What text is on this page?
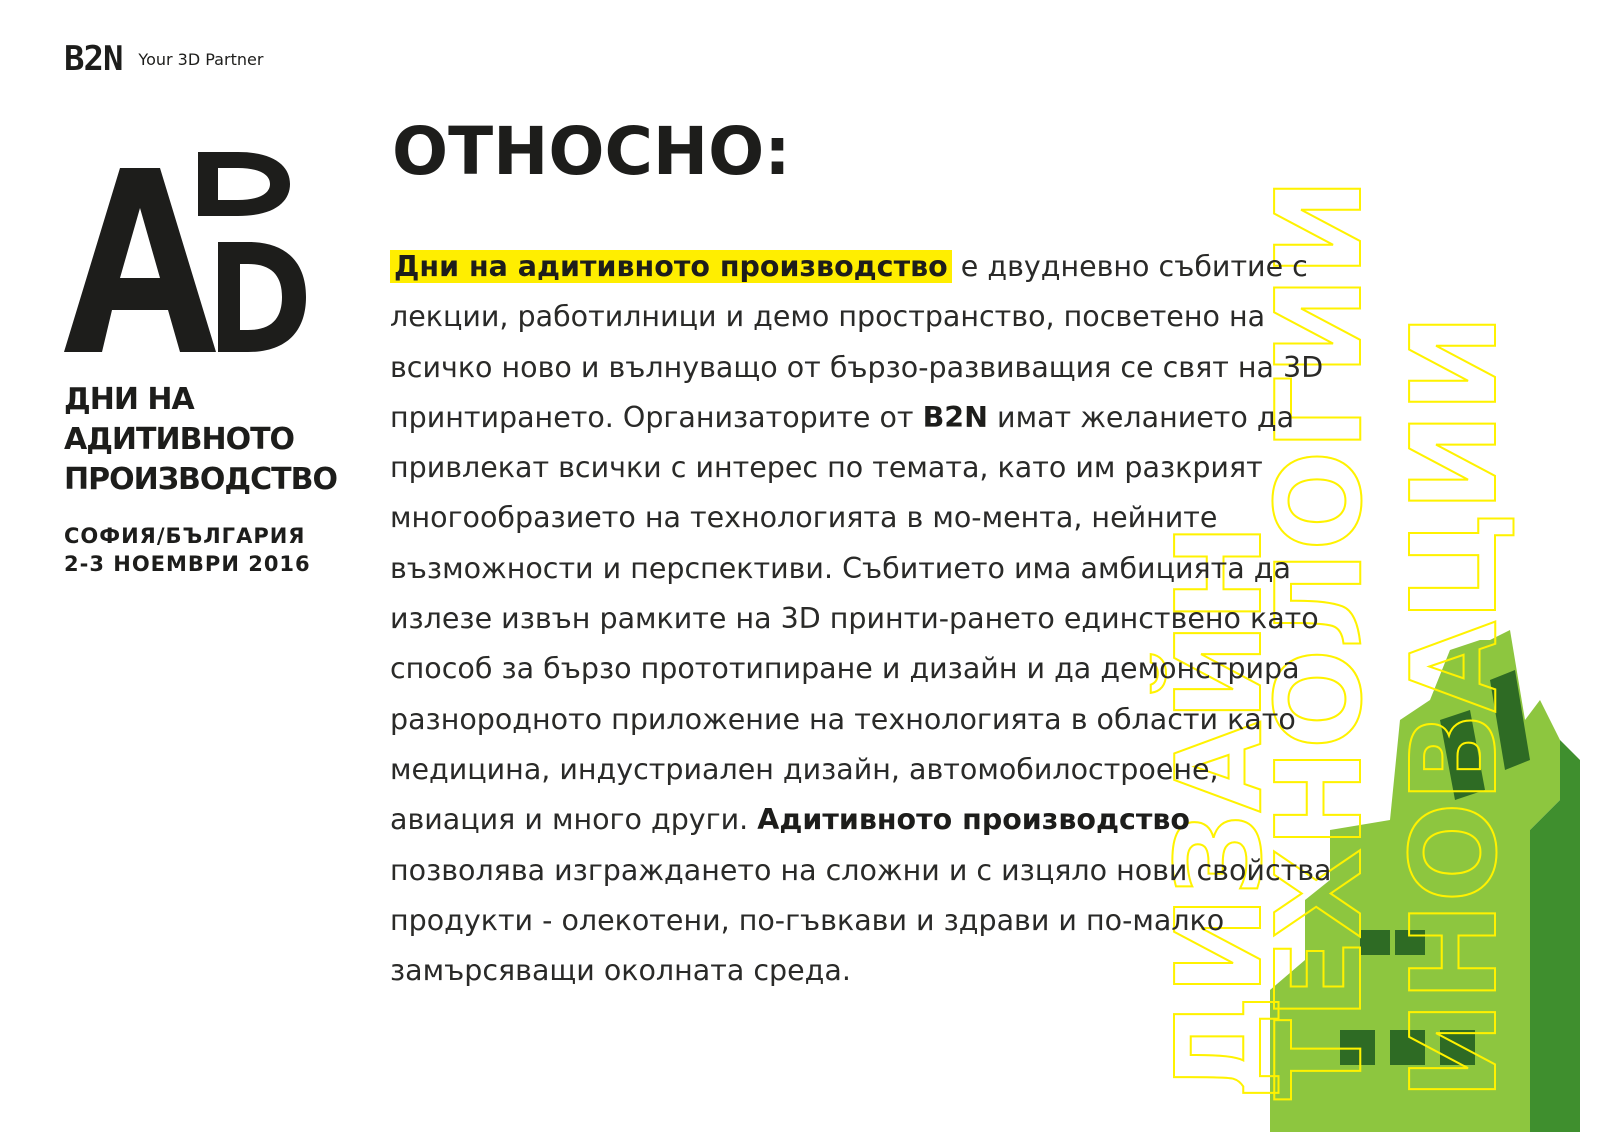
B2N Your 3D Partner
ДНИ НА
АДИТИВНОТО
ПРОИЗВОДСТВО
СОФИЯ/БЪЛГАРИЯ
2-3 НОЕМВРИ 2016
ОТНОСНО:

Дни на адитивното производство е двудневно събитие с лекции, работилници и демо пространство, посветено на всичко ново и вълнуващо от бързо-развиващия се свят на 3D принтирането. Организаторите от B2N имат желанието да привлекат всички с интерес по темата, като им разкрият многообразието на технологията в мо-мента, нейните възможности и перспективи. Събитието има амбицията да излезе извън рамките на 3D принти-рането единствено като способ за бързо прототипиране и дизайн и да демонстрира разнородното приложение на технологията в области като медицина, индустриален дизайн, автомобилостроене, авиация и много други. Адитивното производство позволява изграждането на сложни и с изцяло нови свойства продукти - олекотени, по-гъвкави и здрави и по-малко замърсяващи околната среда.	ДИЗАЙН
ТЕХНОЛОГИИ
ИНОВАЦИИ
